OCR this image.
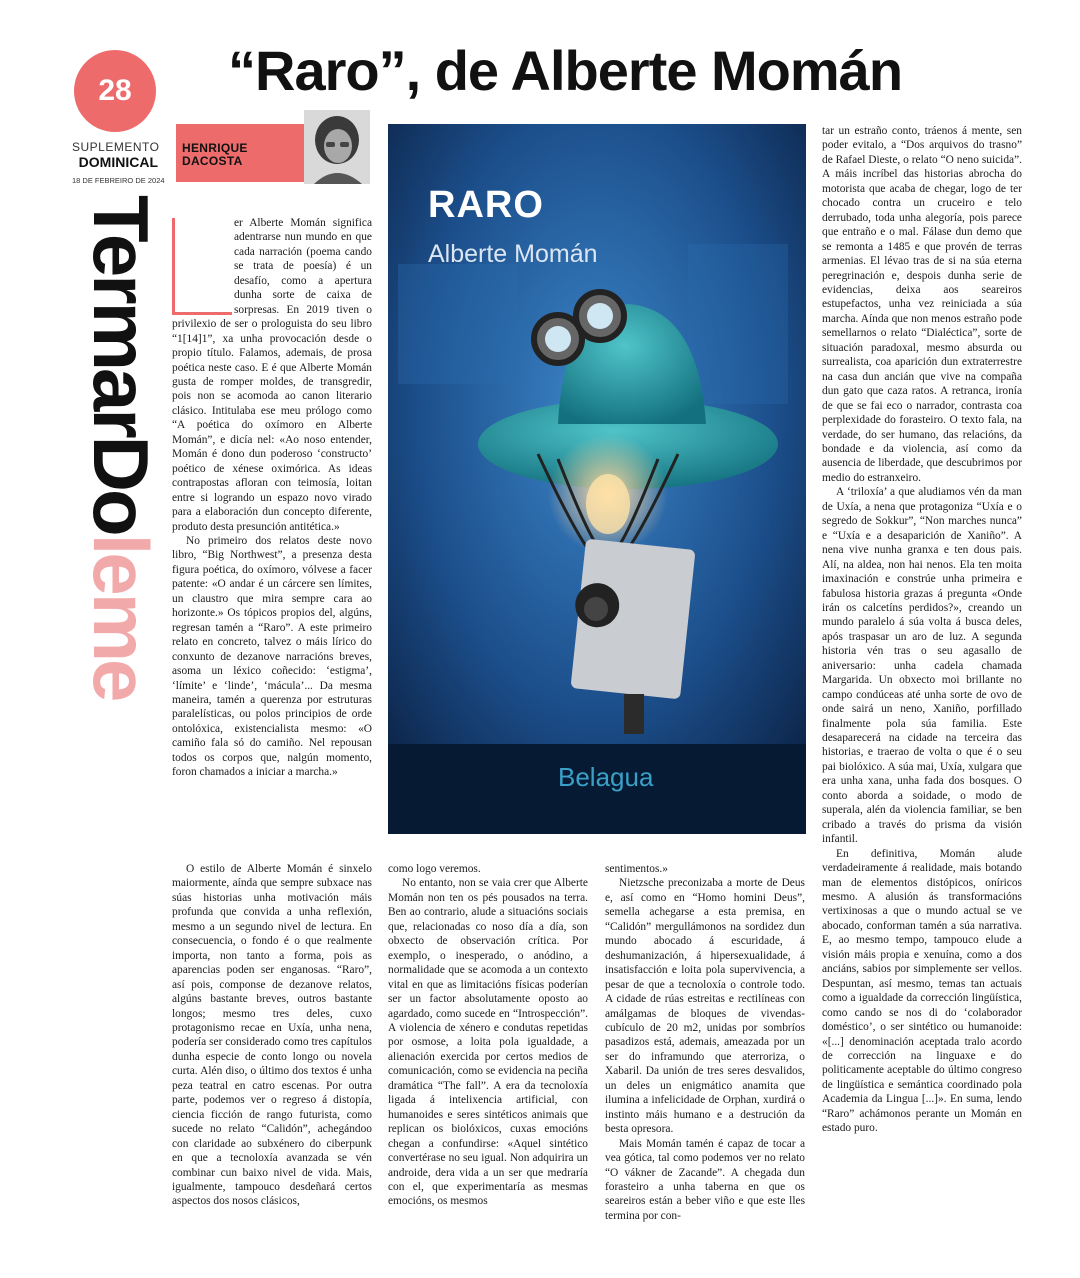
28	“Raro”, de Alberte Momán
SUPLEMENTO
DOMINICAL
18 DE FEBREIRO DE 2024
TermarDoleme
HENRIQUE
DACOSTA
RARO
Alberte Momán
Belagua

er Alberte Momán significa adentrarse nun mundo en que cada narración (poema cando se trata de poesía) é un desafío, como a apertura dunha sorte de caixa de sorpresas. En 2019 tiven o privilexio de ser o prologuista do seu libro “1[14]1”, xa unha provocación desde o propio título. Falamos, ademais, de prosa poética neste caso. E é que Alberte Momán gusta de romper moldes, de transgredir, pois non se acomoda ao canon literario clásico. Intitulaba ese meu prólogo como “A poética do oxímoro en Alberte Momán”, e dicía nel: «Ao noso entender, Momán é dono dun poderoso ‘constructo’ poético de xénese oximórica. As ideas contrapostas afloran con teimosía, loitan entre si logrando un espazo novo virado para a elaboración dun concepto diferente, produto desta presunción antitética.»

No primeiro dos relatos deste novo libro, “Big Northwest”, a presenza desta figura poética, do oxímoro, vólvese a facer patente: «O andar é un cárcere sen límites, un claustro que mira sempre cara ao horizonte.» Os tópicos propios del, algúns, regresan tamén a “Raro”. A este primeiro relato en concreto, talvez o máis lírico do conxunto de dezanove narracións breves, asoma un léxico coñecido: ‘estigma’, ‘límite’ e ‘linde’, ‘mácula’... Da mesma maneira, tamén a querenza por estruturas paralelísticas, ou polos principios de orde ontolóxica, existencialista mesmo: «O camiño fala só do camiño. Nel repousan todos os corpos que, nalgún momento, foron chamados a iniciar a marcha.»

O estilo de Alberte Momán é sinxelo maiormente, aínda que sempre subxace nas súas historias unha motivación máis profunda que convida a unha reflexión, mesmo a un segundo nivel de lectura. En consecuencia, o fondo é o que realmente importa, non tanto a forma, pois as aparencias poden ser enganosas. “Raro”, así pois, componse de dezanove relatos, algúns bastante breves, outros bastante longos; mesmo tres deles, cuxo protagonismo recae en Uxía, unha nena, podería ser considerado como tres capítulos dunha especie de conto longo ou novela curta. Alén diso, o último dos textos é unha peza teatral en catro escenas. Por outra parte, podemos ver o regreso á distopía, ciencia ficción de rango futurista, como sucede no relato “Calidón”, achegándoo con claridade ao subxénero do ciberpunk en que a tecnoloxía avanzada se vén combinar cun baixo nivel de vida. Mais, igualmente, tampouco desdeñará certos aspectos dos nosos clásicos,

como logo veremos.

No entanto, non se vaia crer que Alberte Momán non ten os pés pousados na terra. Ben ao contrario, alude a situacións sociais que, relacionadas co noso día a día, son obxecto de observación crítica. Por exemplo, o inesperado, o anódino, a normalidade que se acomoda a un contexto vital en que as limitacións físicas poderían ser un factor absolutamente oposto ao agardado, como sucede en “Introspección”. A violencia de xénero e condutas repetidas por osmose, a loita pola igualdade, a alienación exercida por certos medios de comunicación, como se evidencia na peciña dramática “The fall”. A era da tecnoloxía ligada á intelixencia artificial, con humanoides e seres sintéticos animais que replican os biolóxicos, cuxas emocións chegan a confundirse: «Aquel sintético convertérase no seu igual. Non adquirira un androide, dera vida a un ser que medraría con el, que experimentaría as mesmas emocións, os mesmos

sentimentos.»

Nietzsche preconizaba a morte de Deus e, así como en “Homo homini Deus”, semella achegarse a esta premisa, en “Calidón” mergullámonos na sordidez dun mundo abocado á escuridade, á deshumanización, á hipersexualidade, á insatisfacción e loita pola supervivencia, a pesar de que a tecnoloxía o controle todo. A cidade de rúas estreitas e rectilíneas con amálgamas de bloques de vivendas-cubículo de 20 m2, unidas por sombríos pasadizos está, ademais, ameazada por un ser do inframundo que aterroriza, o Xabaril. Da unión de tres seres desvalidos, un deles un enigmático anamita que ilumina a infelicidade de Orphan, xurdirá o instinto máis humano e a destrución da besta opresora.

Mais Momán tamén é capaz de tocar a vea gótica, tal como podemos ver no relato “O vákner de Zacande”. A chegada dun forasteiro a unha taberna en que os seareiros están a beber viño e que este lles termina por con-

tar un estraño conto, tráenos á mente, sen poder evitalo, a “Dos arquivos do trasno” de Rafael Dieste, o relato “O neno suicida”. A máis incríbel das historias abrocha do motorista que acaba de chegar, logo de ter chocado contra un cruceiro e telo derrubado, toda unha alegoría, pois parece que entraño e o mal. Fálase dun demo que se remonta a 1485 e que provén de terras armenias. El lévao tras de si na súa eterna peregrinación e, despois dunha serie de evidencias, deixa aos seareiros estupefactos, unha vez reiniciada a súa marcha. Aínda que non menos estraño pode semellarnos o relato “Dialéctica”, sorte de situación paradoxal, mesmo absurda ou surrealista, coa aparición dun extraterrestre na casa dun ancián que vive na compaña dun gato que caza ratos. A retranca, ironía de que se fai eco o narrador, contrasta coa perplexidade do forasteiro. O texto fala, na verdade, do ser humano, das relacións, da bondade e da violencia, así como da ausencia de liberdade, que descubrimos por medio do estranxeiro.

A ‘triloxía’ a que aludiamos vén da man de Uxía, a nena que protagoniza “Uxía e o segredo de Sokkur”, “Non marches nunca” e “Uxía e a desaparición de Xaniño”. A nena vive nunha granxa e ten dous pais. Alí, na aldea, non hai nenos. Ela ten moita imaxinación e constrúe unha primeira e fabulosa historia grazas á pregunta «Onde irán os calcetíns perdidos?», creando un mundo paralelo á súa volta á busca deles, após traspasar un aro de luz. A segunda historia vén tras o seu agasallo de aniversario: unha cadela chamada Margarida. Un obxecto moi brillante no campo condúceas até unha sorte de ovo de onde sairá un neno, Xaniño, porfillado finalmente pola súa familia. Este desaparecerá na cidade na terceira das historias, e traerao de volta o que é o seu pai biolóxico. A súa mai, Uxía, xulgara que era unha xana, unha fada dos bosques. O conto aborda a soidade, o modo de superala, alén da violencia familiar, se ben cribado a través do prisma da visión infantil.

En definitiva, Momán alude verdadeiramente á realidade, mais botando man de elementos distópicos, oníricos mesmo. A alusión ás transformacións vertixinosas a que o mundo actual se ve abocado, conforman tamén a súa narrativa. E, ao mesmo tempo, tampouco elude a visión máis propia e xenuína, como a dos anciáns, sabios por simplemente ser vellos. Despuntan, así mesmo, temas tan actuais como a igualdade da corrección lingüística, como cando se nos di do ‘colaborador doméstico’, o ser sintético ou humanoide: «[...] denominación aceptada tralo acordo de corrección na linguaxe e do politicamente aceptable do último congreso de lingüística e semántica coordinado pola Academia da Lingua [...]». En suma, lendo “Raro” achámonos perante un Momán en estado puro.
